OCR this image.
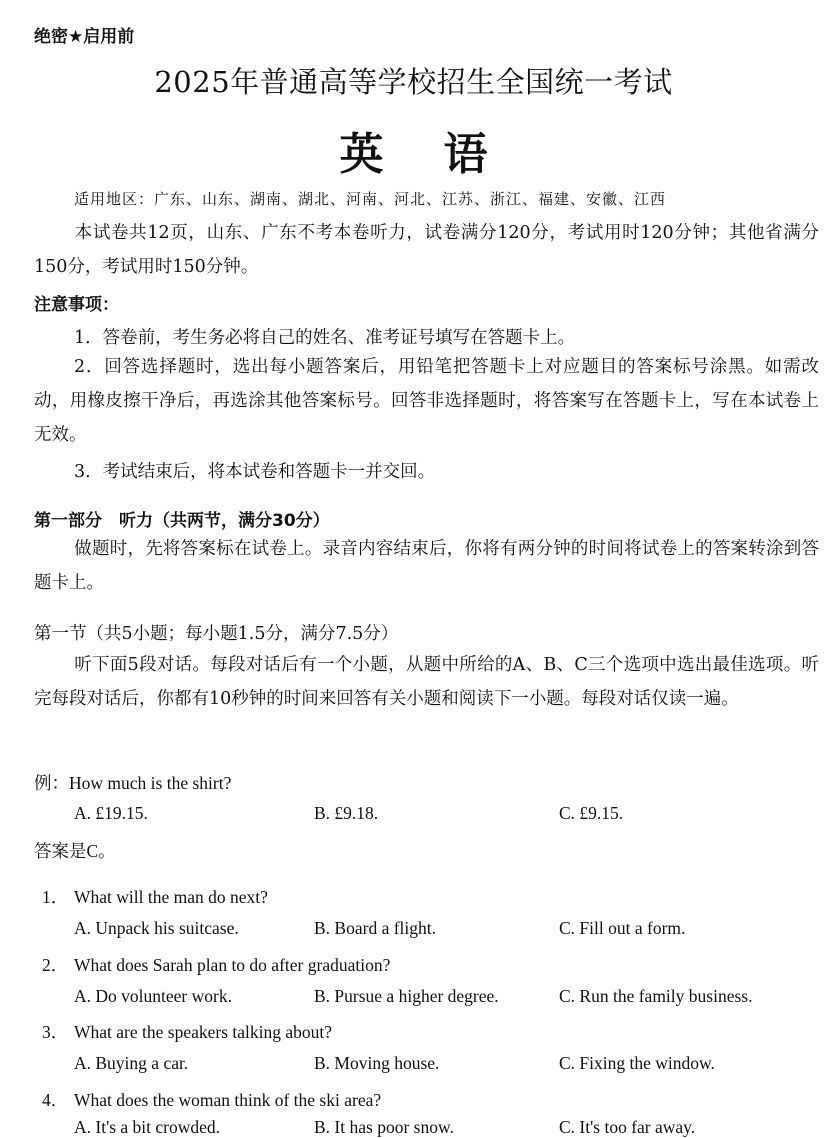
绝密★启用前
2025年普通高等学校招生全国统一考试
英语
适用地区：广东、山东、湖南、湖北、河南、河北、江苏、浙江、福建、安徽、江西
本试卷共12页，山东、广东不考本卷听力，试卷满分120分，考试用时120分钟；其他省满分150分，考试用时150分钟。
注意事项：
1．答卷前，考生务必将自己的姓名、准考证号填写在答题卡上。
2．回答选择题时，选出每小题答案后，用铅笔把答题卡上对应题目的答案标号涂黑。如需改动，用橡皮擦干净后，再选涂其他答案标号。回答非选择题时，将答案写在答题卡上，写在本试卷上无效。
3．考试结束后，将本试卷和答题卡一并交回。
第一部分　听力（共两节，满分30分）
做题时，先将答案标在试卷上。录音内容结束后，你将有两分钟的时间将试卷上的答案转涂到答题卡上。
第一节（共5小题；每小题1.5分，满分7.5分）
听下面5段对话。每段对话后有一个小题，从题中所给的A、B、C三个选项中选出最佳选项。听完每段对话后，你都有10秒钟的时间来回答有关小题和阅读下一小题。每段对话仅读一遍。
例：How much is the shirt?
A. £19.15.	B. £9.18.	C. £9.15.
答案是C。
1． What will the man do next?
A. Unpack his suitcase.	B. Board a flight.	C. Fill out a form.
2． What does Sarah plan to do after graduation?
A. Do volunteer work.	B. Pursue a higher degree.	C. Run the family business.
3． What are the speakers talking about?
A. Buying a car.	B. Moving house.	C. Fixing the window.
4． What does the woman think of the ski area?
A. It's a bit crowded.	B. It has poor snow.	C. It's too far away.
